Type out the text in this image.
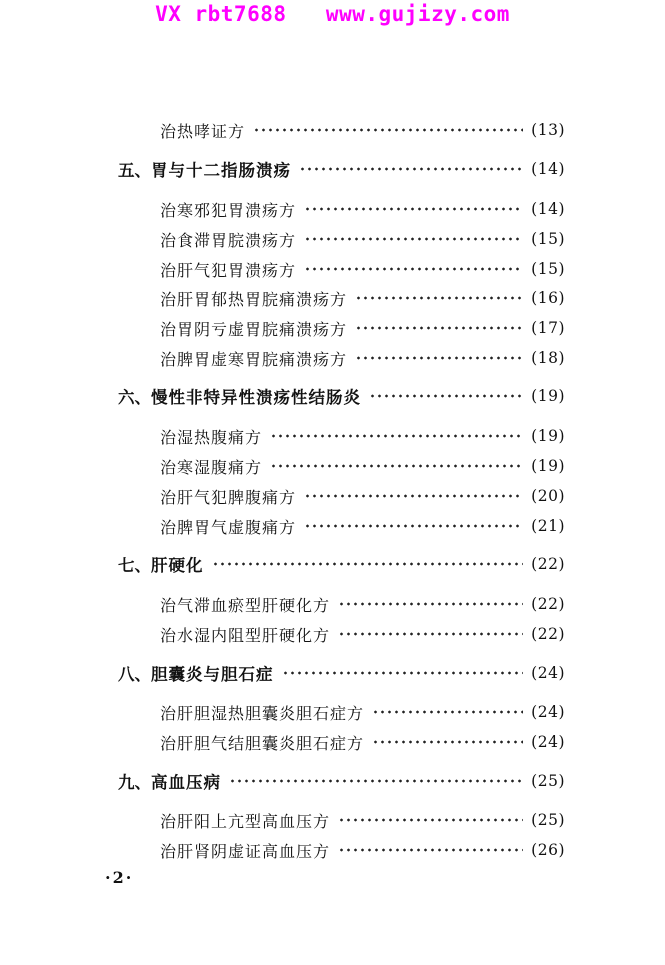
VX rbt7688   www.gujizy.com
治热哮证方	(13)
五、 胃与十二指肠溃疡	(14)
治寒邪犯胃溃疡方	(14)
治食滞胃脘溃疡方	(15)
治肝气犯胃溃疡方	(15)
治肝胃郁热胃脘痛溃疡方	(16)
治胃阴亏虚胃脘痛溃疡方	(17)
治脾胃虚寒胃脘痛溃疡方	(18)
六、 慢性非特异性溃疡性结肠炎	(19)
治湿热腹痛方	(19)
治寒湿腹痛方	(19)
治肝气犯脾腹痛方	(20)
治脾胃气虚腹痛方	(21)
七、 肝硬化	(22)
治气滞血瘀型肝硬化方	(22)
治水湿内阻型肝硬化方	(22)
八、 胆囊炎与胆石症	(24)
治肝胆湿热胆囊炎胆石症方	(24)
治肝胆气结胆囊炎胆石症方	(24)
九、 高血压病	(25)
治肝阳上亢型高血压方	(25)
治肝肾阴虚证高血压方	(26)
·2·
